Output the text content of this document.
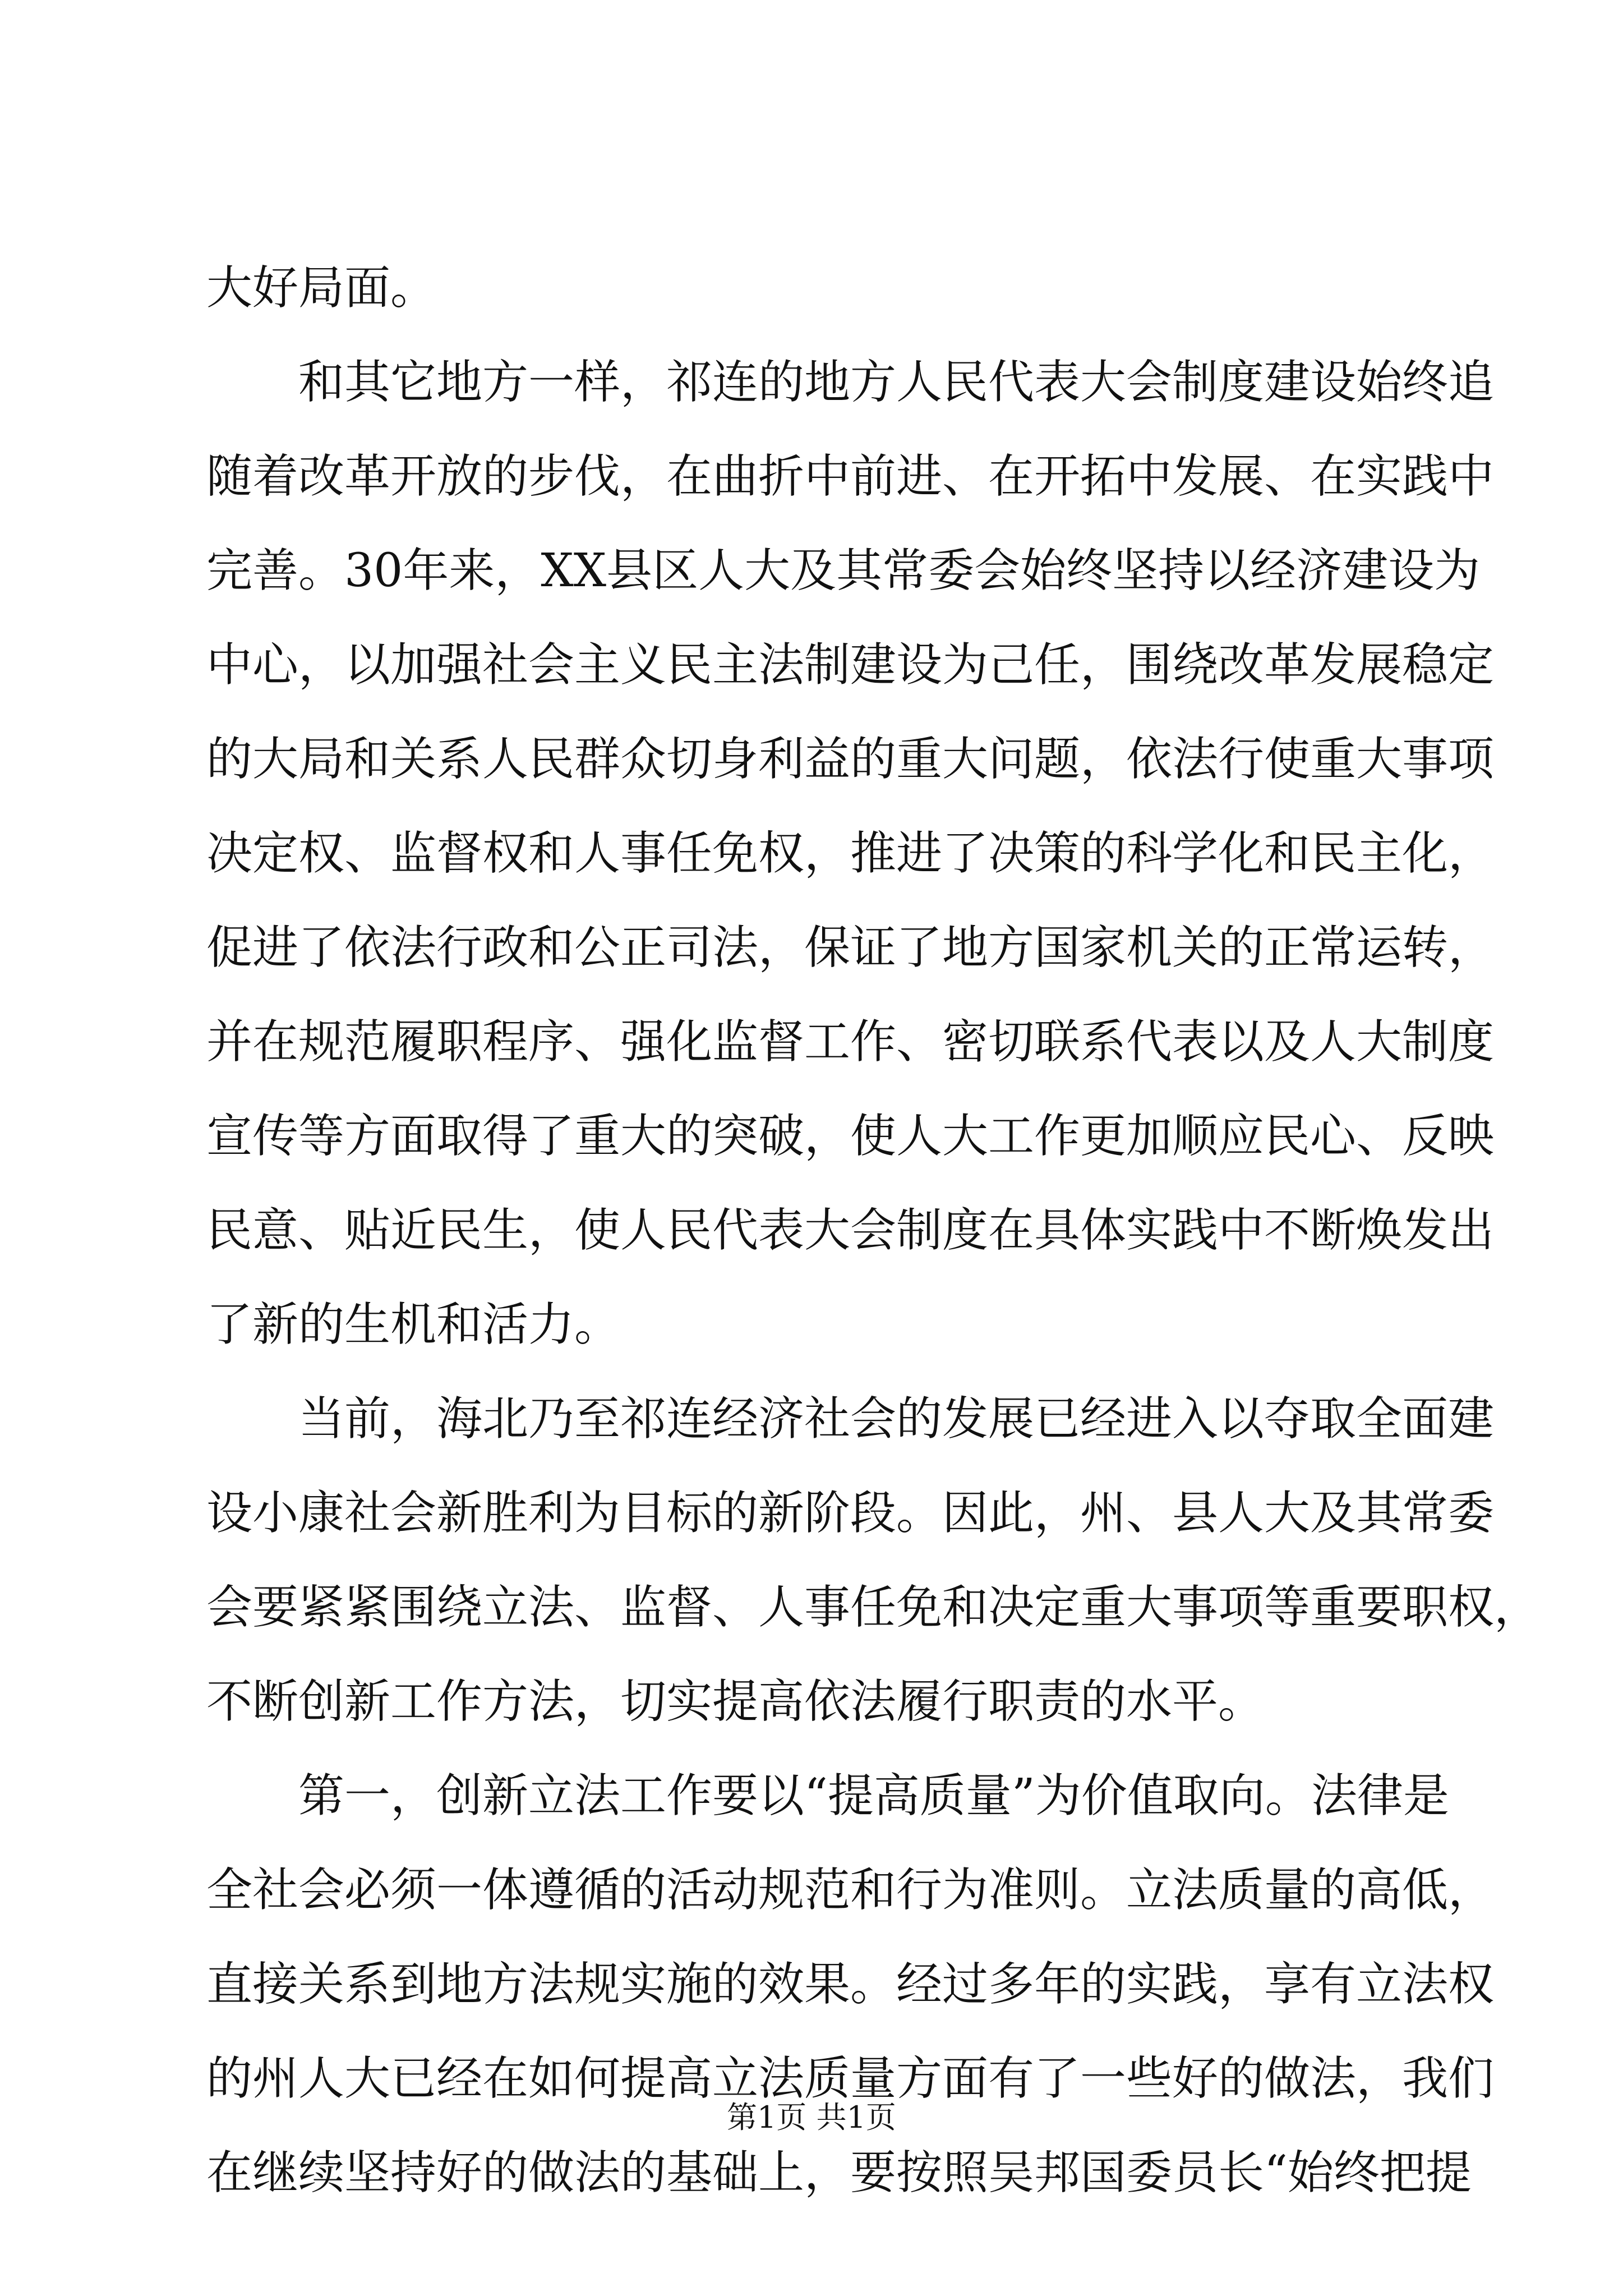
大好局面。
和其它地方一样，祁连的地方人民代表大会制度建设始终追
随着改革开放的步伐，在曲折中前进、在开拓中发展、在实践中
完善。30年来，XX县区人大及其常委会始终坚持以经济建设为
中心，以加强社会主义民主法制建设为己任，围绕改革发展稳定
的大局和关系人民群众切身利益的重大问题，依法行使重大事项
决定权、监督权和人事任免权，推进了决策的科学化和民主化，
促进了依法行政和公正司法，保证了地方国家机关的正常运转，
并在规范履职程序、强化监督工作、密切联系代表以及人大制度
宣传等方面取得了重大的突破，使人大工作更加顺应民心、反映
民意、贴近民生，使人民代表大会制度在具体实践中不断焕发出
了新的生机和活力。
当前，海北乃至祁连经济社会的发展已经进入以夺取全面建
设小康社会新胜利为目标的新阶段。因此，州、县人大及其常委
会要紧紧围绕立法、监督、人事任免和决定重大事项等重要职权，
不断创新工作方法，切实提高依法履行职责的水平。
第一，创新立法工作要以“提高质量”为价值取向。法律是
全社会必须一体遵循的活动规范和行为准则。立法质量的高低，
直接关系到地方法规实施的效果。经过多年的实践，享有立法权
的州人大已经在如何提高立法质量方面有了一些好的做法，我们
在继续坚持好的做法的基础上，要按照吴邦国委员长“始终把提
第1页 共1页
